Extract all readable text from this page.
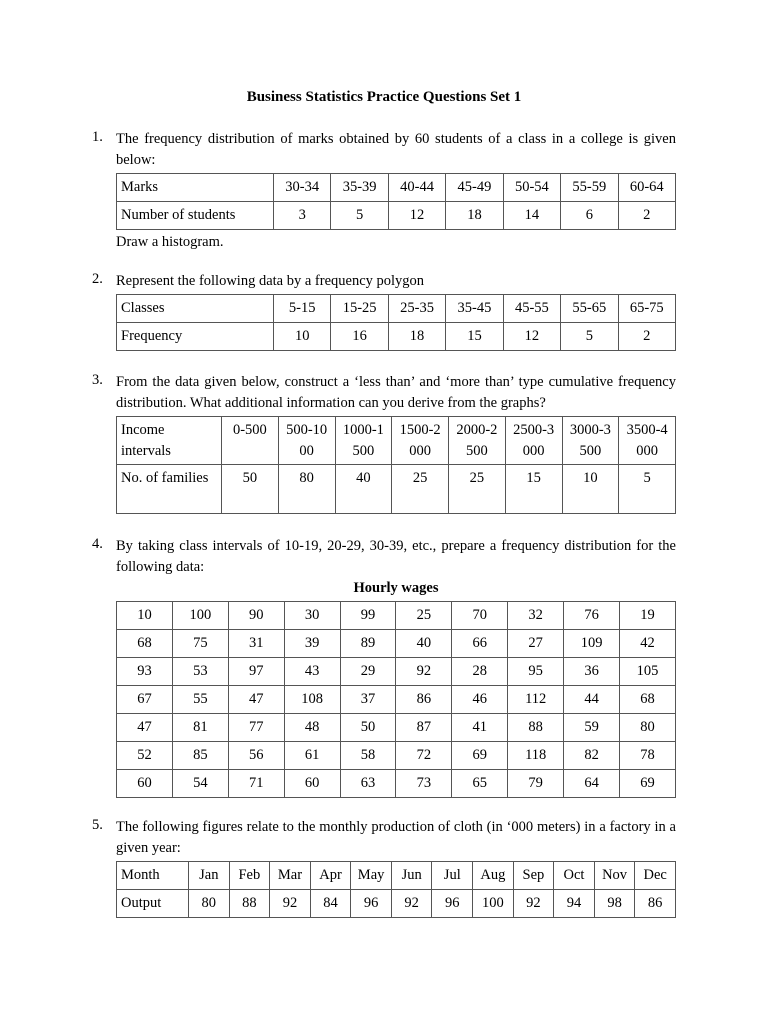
Business Statistics Practice Questions Set 1
1. The frequency distribution of marks obtained by 60 students of a class in a college is given below:
Marks	30-34	35-39	40-44	45-49	50-54	55-59	60-64
Number of students	3	5	12	18	14	6	2
Draw a histogram.
2. Represent the following data by a frequency polygon
Classes	5-15	15-25	25-35	35-45	45-55	55-65	65-75
Frequency	10	16	18	15	12	5	2
3. From the data given below, construct a ‘less than’ and ‘more than’ type cumulative frequency distribution. What additional information can you derive from the graphs?
Income intervals	0-500	500-1000	1000-1500	1500-2000	2000-2500	2500-3000	3000-3500	3500-4000
No. of families	50	80	40	25	25	15	10	5
4. By taking class intervals of 10-19, 20-29, 30-39, etc., prepare a frequency distribution for the following data:
Hourly wages
10	100	90	30	99	25	70	32	76	19
68	75	31	39	89	40	66	27	109	42
93	53	97	43	29	92	28	95	36	105
67	55	47	108	37	86	46	112	44	68
47	81	77	48	50	87	41	88	59	80
52	85	56	61	58	72	69	118	82	78
60	54	71	60	63	73	65	79	64	69
5. The following figures relate to the monthly production of cloth (in ‘000 meters) in a factory in a given year:
Month	Jan	Feb	Mar	Apr	May	Jun	Jul	Aug	Sep	Oct	Nov	Dec
Output	80	88	92	84	96	92	96	100	92	94	98	86
